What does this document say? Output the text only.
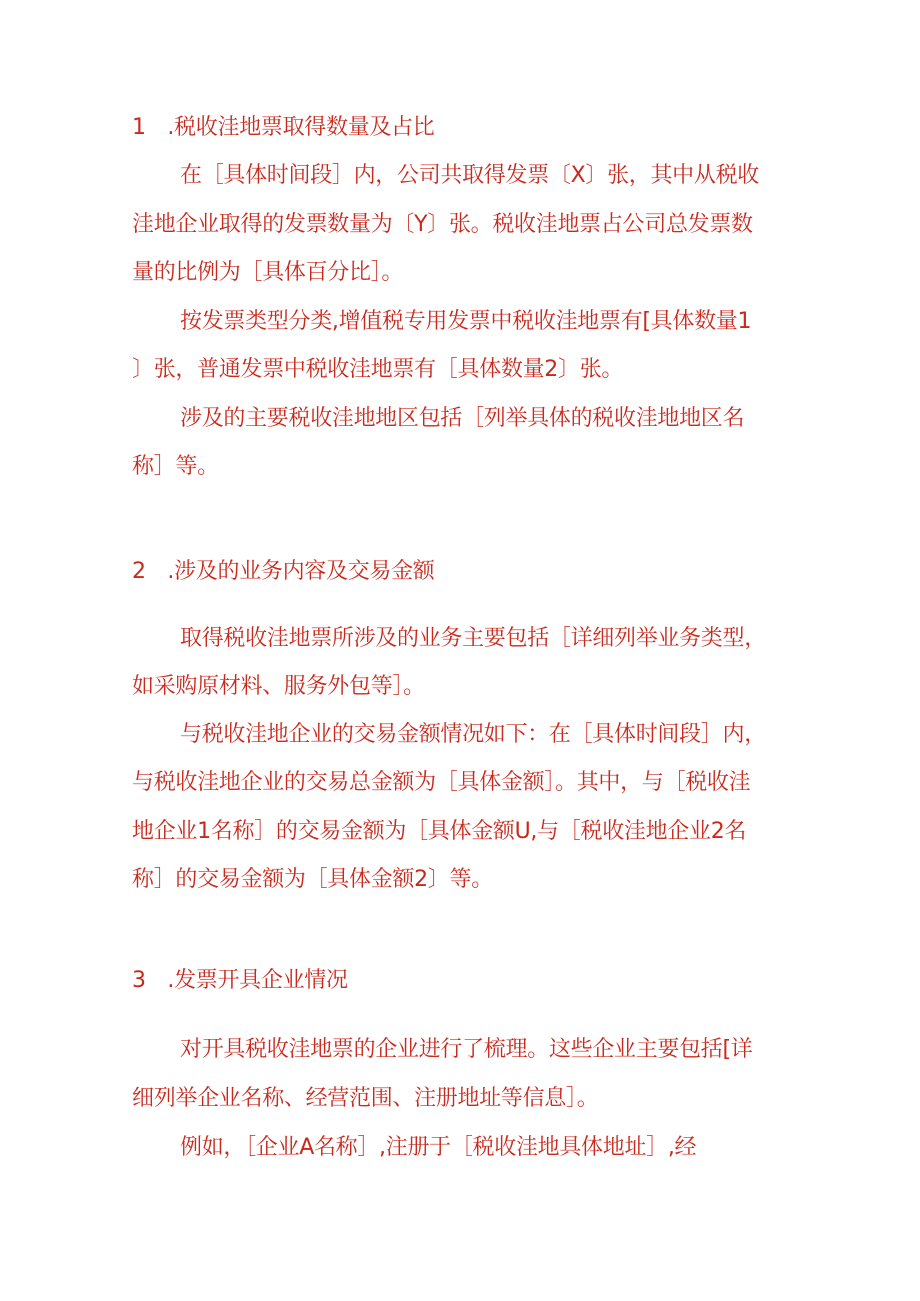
1　.税收洼地票取得数量及占比

在［具体时间段］内，公司共取得发票〔X〕张，其中从税收

洼地企业取得的发票数量为〔Y〕张。税收洼地票占公司总发票数

量的比例为［具体百分比］。

按发票类型分类,增值税专用发票中税收洼地票有[具体数量1

〕张，普通发票中税收洼地票有［具体数量2〕张。

涉及的主要税收洼地地区包括［列举具体的税收洼地地区名

称］等。

2　.涉及的业务内容及交易金额

取得税收洼地票所涉及的业务主要包括［详细列举业务类型，

如采购原材料、服务外包等］。

与税收洼地企业的交易金额情况如下：在［具体时间段］内，

与税收洼地企业的交易总金额为［具体金额］。其中，与［税收洼

地企业1名称］的交易金额为［具体金额U,与［税收洼地企业2名

称］的交易金额为［具体金额2〕等。

3　.发票开具企业情况

对开具税收洼地票的企业进行了梳理。这些企业主要包括[详

细列举企业名称、经营范围、注册地址等信息］。

例如，［企业A名称］,注册于［税收洼地具体地址］,经
